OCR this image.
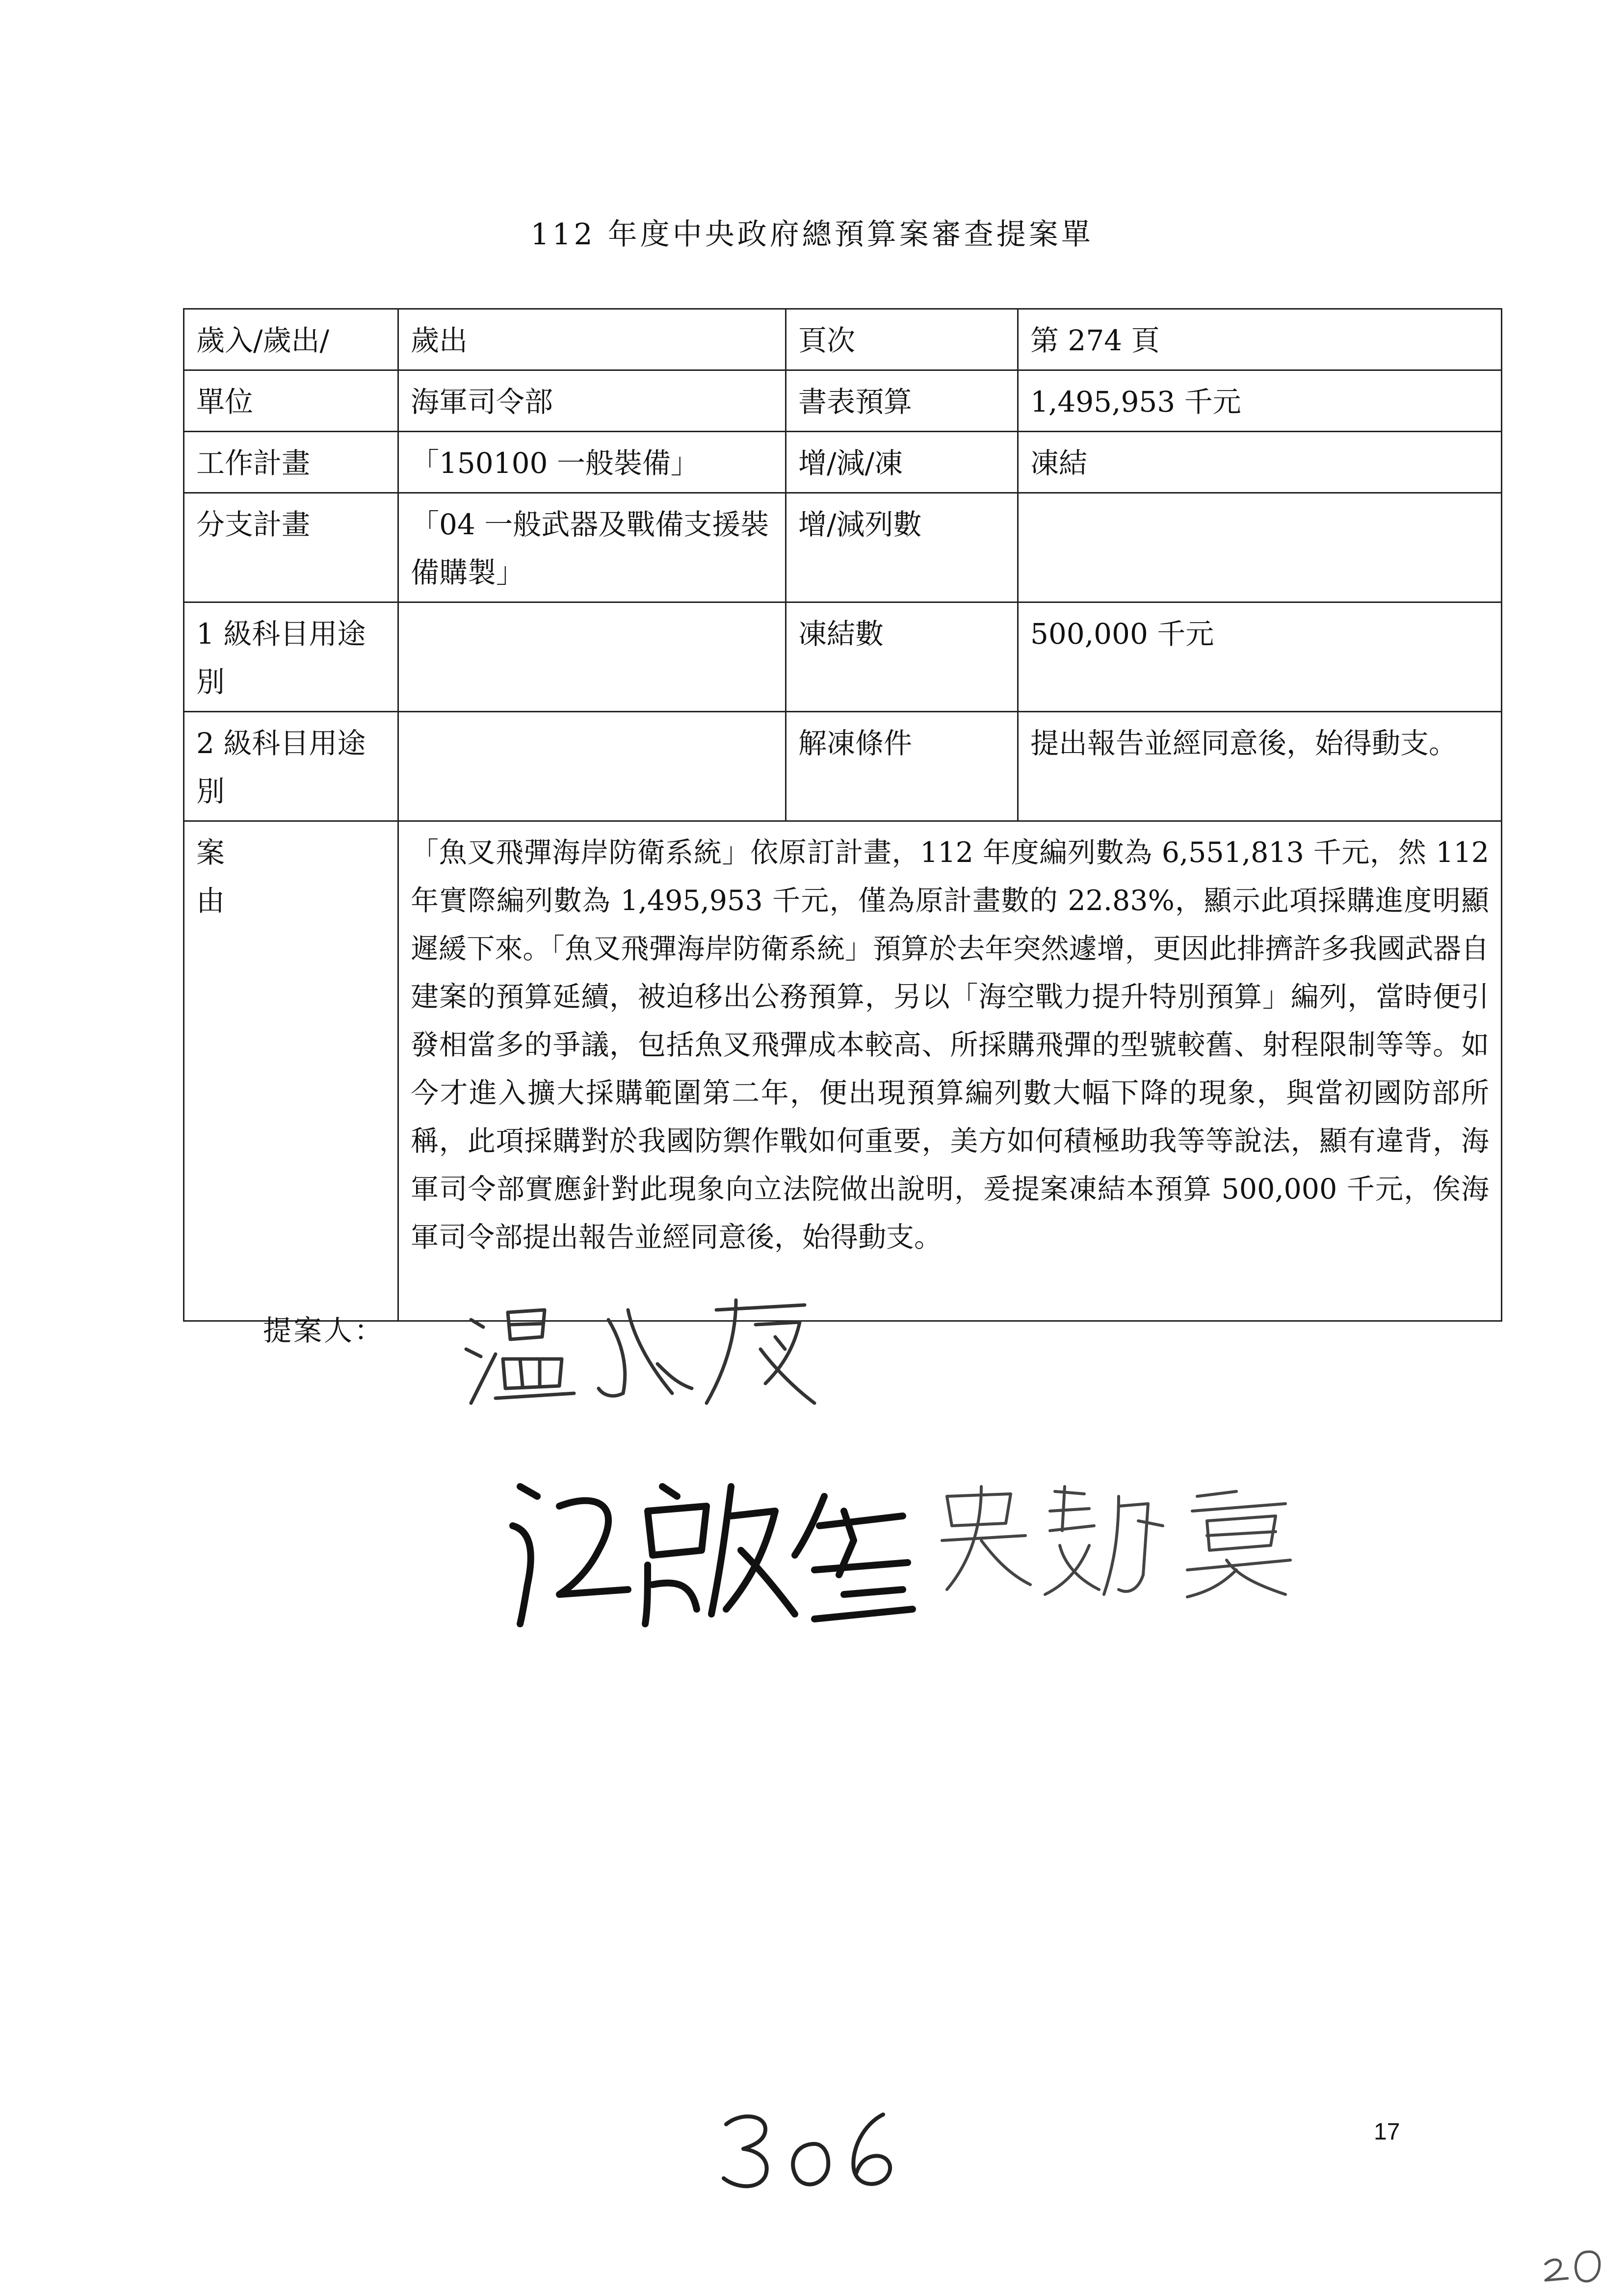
112 年度中央政府總預算案審查提案單
歲入/歲出/	歲出	頁次	第 274 頁
單位	海軍司令部	書表預算	1,495,953 千元
工作計畫	「150100 一般裝備」	增/減/凍	凍結
分支計畫	「04 一般武器及戰備支援裝備購製」	增/減列數	
1 級科目用途別		凍結數	500,000 千元
2 級科目用途別		解凍條件	提出報告並經同意後，始得動支。
案由	「魚叉飛彈海岸防衛系統」依原訂計畫，112 年度編列數為 6,551,813 千元，然 112 年實際編列數為 1,495,953 千元，僅為原計畫數的 22.83%，顯示此項採購進度明顯遲緩下來。「魚叉飛彈海岸防衛系統」預算於去年突然遽增，更因此排擠許多我國武器自建案的預算延續，被迫移出公務預算，另以「海空戰力提升特別預算」編列，當時便引發相當多的爭議，包括魚叉飛彈成本較高、所採購飛彈的型號較舊、射程限制等等。如今才進入擴大採購範圍第二年，便出現預算編列數大幅下降的現象，與當初國防部所稱，此項採購對於我國防禦作戰如何重要，美方如何積極助我等等說法，顯有違背，海軍司令部實應針對此現象向立法院做出說明，爰提案凍結本預算 500,000 千元，俟海軍司令部提出報告並經同意後，始得動支。		
提案人：
17
